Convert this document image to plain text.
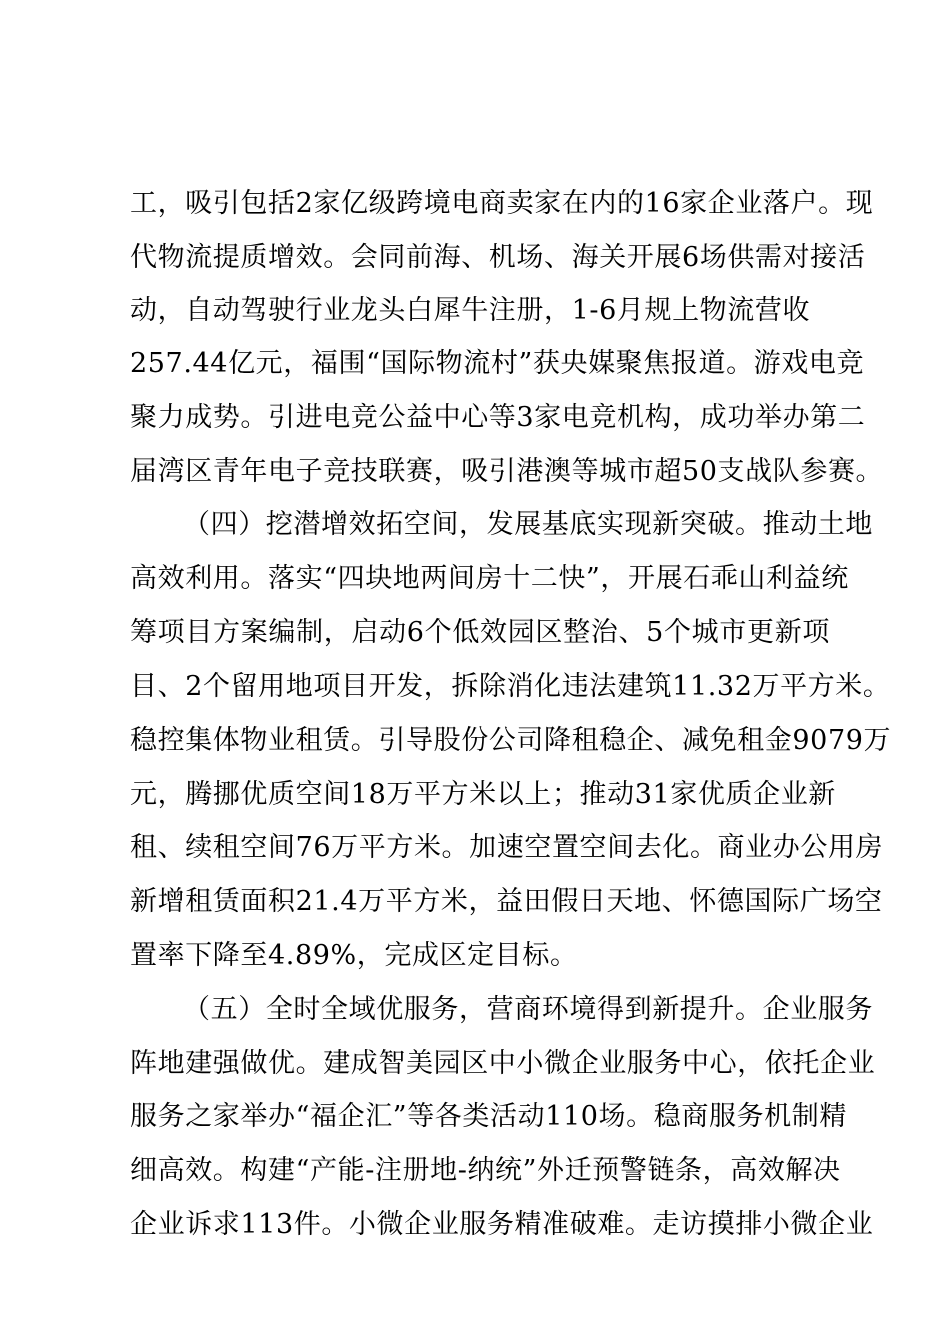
工，吸引包括2家亿级跨境电商卖家在内的16家企业落户。现
代物流提质增效。会同前海、机场、海关开展6场供需对接活
动，自动驾驶行业龙头白犀牛注册，1-6月规上物流营收
257.44亿元，福围“国际物流村”获央媒聚焦报道。游戏电竞
聚力成势。引进电竞公益中心等3家电竞机构，成功举办第二
届湾区青年电子竞技联赛，吸引港澳等城市超50支战队参赛。
（四）挖潜增效拓空间，发展基底实现新突破。推动土地
高效利用。落实“四块地两间房十二快”，开展石乖山利益统
筹项目方案编制，启动6个低效园区整治、5个城市更新项
目、2个留用地项目开发，拆除消化违法建筑11.32万平方米。
稳控集体物业租赁。引导股份公司降租稳企、减免租金9079万
元，腾挪优质空间18万平方米以上；推动31家优质企业新
租、续租空间76万平方米。加速空置空间去化。商业办公用房
新增租赁面积21.4万平方米，益田假日天地、怀德国际广场空
置率下降至4.89%，完成区定目标。
（五）全时全域优服务，营商环境得到新提升。企业服务
阵地建强做优。建成智美园区中小微企业服务中心，依托企业
服务之家举办“福企汇”等各类活动110场。稳商服务机制精
细高效。构建“产能-注册地-纳统”外迁预警链条，高效解决
企业诉求113件。小微企业服务精准破难。走访摸排小微企业
